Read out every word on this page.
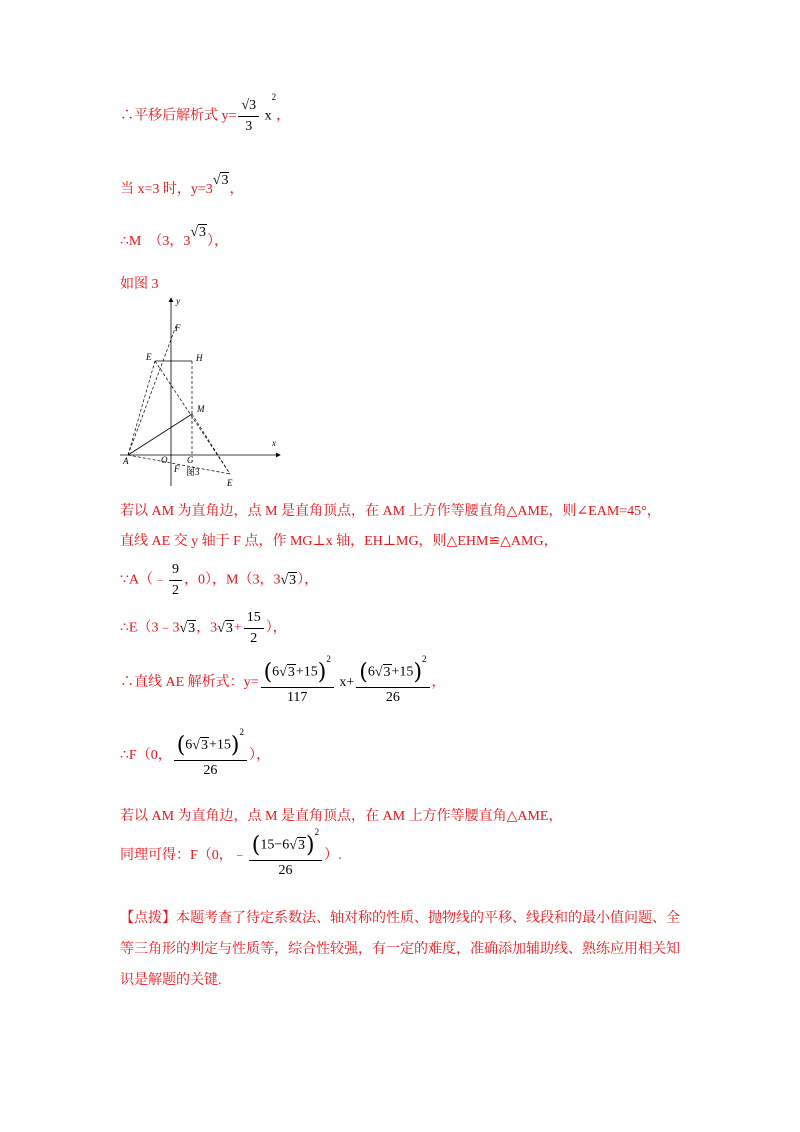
∴平移后解析式 $y= \frac{√3}{3} x^2$，
当 x=3 时，y=3√3，
∴M　（3，3√3），
如图 3
y
x
F
E	H
M
A	O G
F
E
图3
若以 AM 为直角边，点 M 是直角顶点，在 AM 上方作等腰直角△AME，则∠EAM=45°，
直线 AE 交 y 轴于 F 点，作 MG⊥x 轴，EH⊥MG，则△EHM≌△AMG，
∵A（﹣ $\frac{9}{2}$ ，0），M（3，3√3），
∴E（3﹣3√3，$3√3+ \frac{15}{2}$ ），
∴直线 AE 解析式：$y= \frac{(6√3+15)^2}{117} x+ \frac{(6√3+15)^2}{26}$ ，
∴F（0， $\frac{(6√3+15)^2}{26}$ ），
若以 AM 为直角边，点 M 是直角顶点，在 AM 上方作等腰直角△AME，
同理可得：F（0，﹣ $\frac{(15-6√3)^2}{26}$ ）.
【点拨】本题考查了待定系数法、轴对称的性质、抛物线的平移、线段和的最小值问题、全等三角形的判定与性质等，综合性较强，有一定的难度，准确添加辅助线、熟练应用相关知识是解题的关键.
